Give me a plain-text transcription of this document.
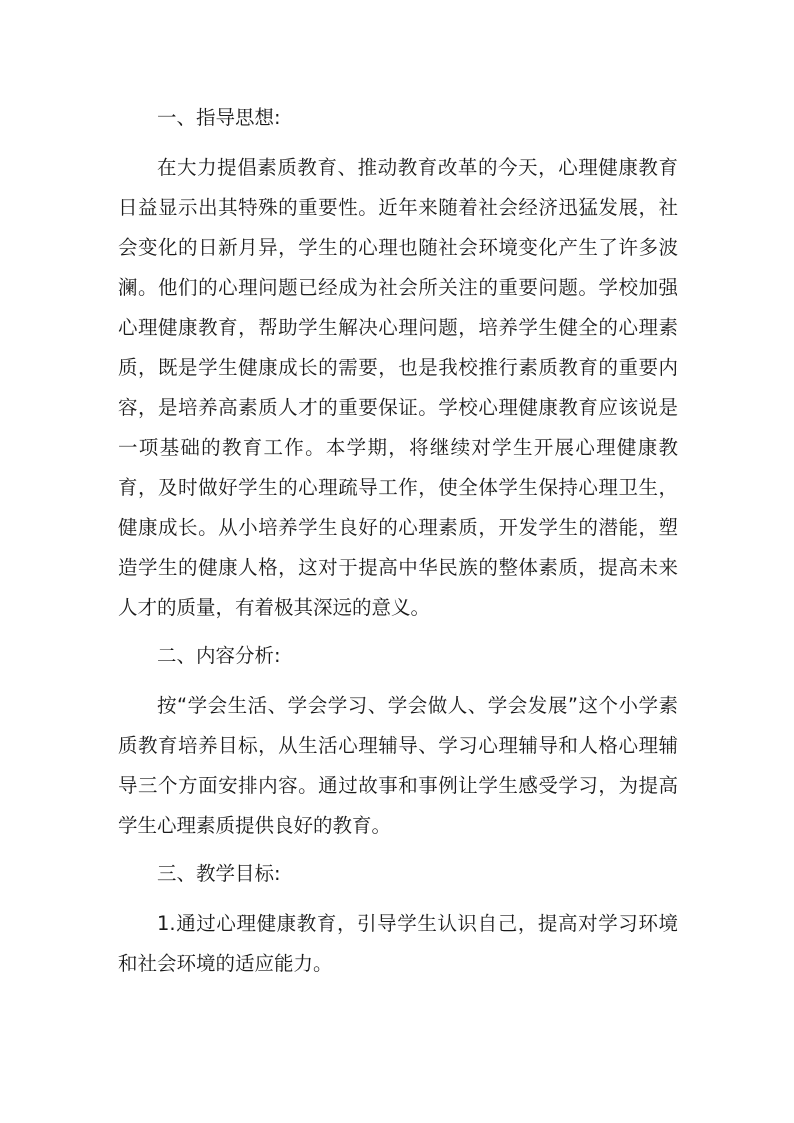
一、指导思想:

在大力提倡素质教育、推动教育改革的今天，心理健康教育日益显示出其特殊的重要性。近年来随着社会经济迅猛发展，社会变化的日新月异，学生的心理也随社会环境变化产生了许多波澜。他们的心理问题已经成为社会所关注的重要问题。学校加强心理健康教育，帮助学生解决心理问题，培养学生健全的心理素质，既是学生健康成长的需要，也是我校推行素质教育的重要内容，是培养高素质人才的重要保证。学校心理健康教育应该说是一项基础的教育工作。本学期，将继续对学生开展心理健康教育，及时做好学生的心理疏导工作，使全体学生保持心理卫生，健康成长。从小培养学生良好的心理素质，开发学生的潜能，塑造学生的健康人格，这对于提高中华民族的整体素质，提高未来人才的质量，有着极其深远的意义。

二、内容分析:

按“学会生活、学会学习、学会做人、学会发展”这个小学素质教育培养目标，从生活心理辅导、学习心理辅导和人格心理辅导三个方面安排内容。通过故事和事例让学生感受学习，为提高学生心理素质提供良好的教育。

三、教学目标:

1.通过心理健康教育，引导学生认识自己，提高对学习环境和社会环境的适应能力。
